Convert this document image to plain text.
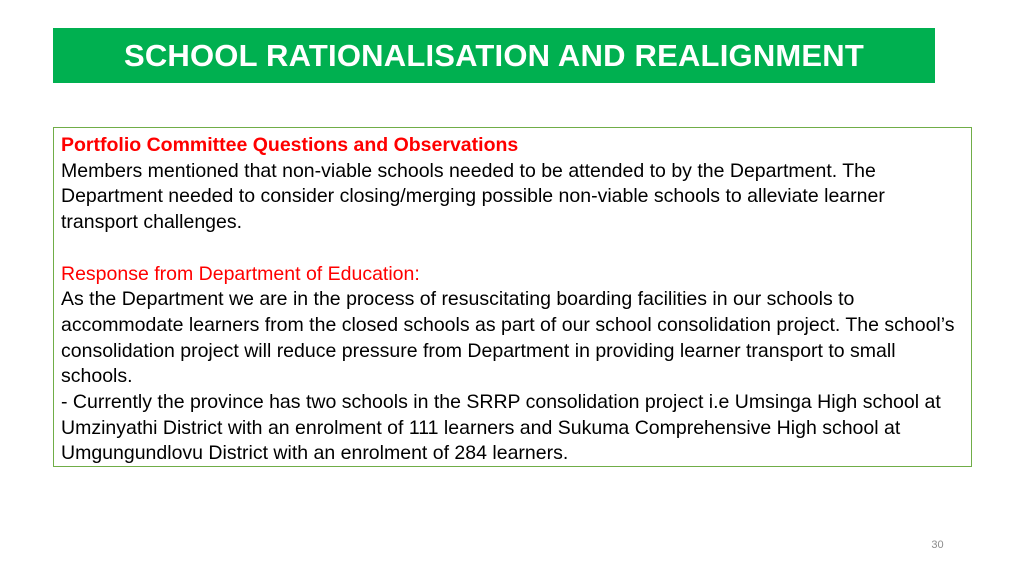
SCHOOL RATIONALISATION AND REALIGNMENT

Portfolio Committee Questions and Observations

Members mentioned that non-viable schools needed to be attended to by the Department. The Department needed to consider closing/merging possible non-viable schools to alleviate learner transport challenges.

Response from Department of Education:

As the Department we are in the process of resuscitating boarding facilities in our schools to accommodate learners from the closed schools as part of our school consolidation project. The school’s consolidation project will reduce pressure from Department in providing learner transport to small schools.

- Currently the province has two schools in the SRRP consolidation project i.e Umsinga High school at Umzinyathi District with an enrolment of 111 learners and Sukuma Comprehensive High school at Umgungundlovu District with an enrolment of 284 learners.

30
